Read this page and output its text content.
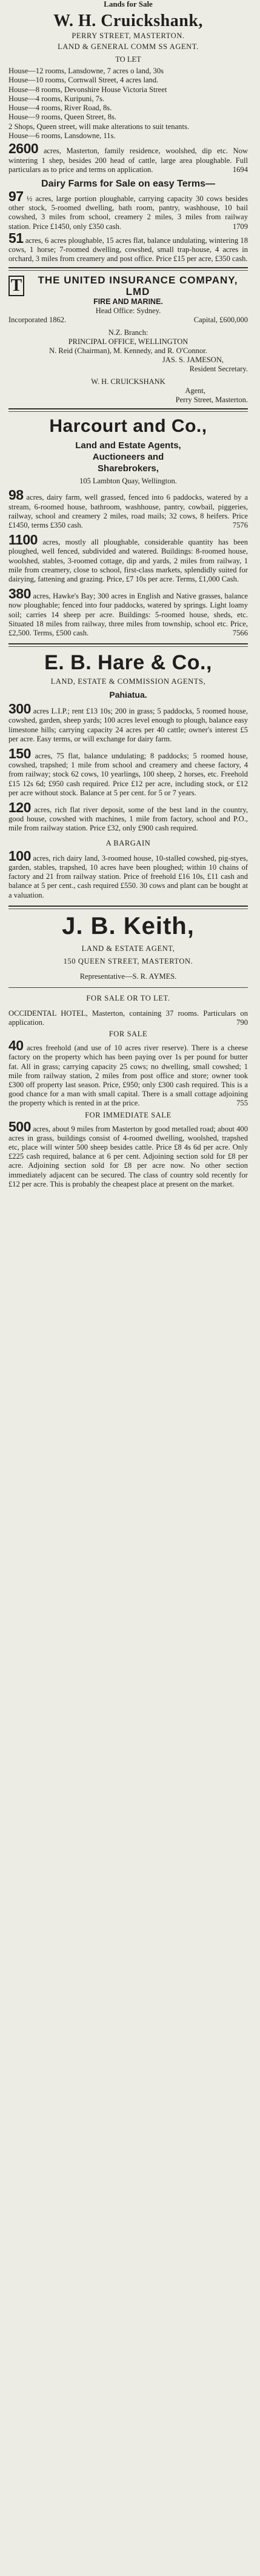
Lands for Sale
W. H. Cruickshank,
PERRY STREET, MASTERTON.
LAND & GENERAL COMM SS AGENT.
TO LET
House—12 rooms, Lansdowne, 7 acres o land, 30s
House—10 rooms, Cornwall Street, 4 acres land.
House—8 rooms, Devonshire House Victoria Street
House—4 rooms, Kuripuni, 7s.
House—4 rooms, River Road, 8s.
House—9 rooms, Queen Street, 8s.
2 Shops, Queen street, will make alterations to suit tenants.
House—6 rooms, Lansdowne, 11s.
2600 acres, Masterton, family residence, woolshed, dip etc. Now wintering 1 shep, besides 200 head of cattle, large area ploughable. Full particulars as to price and terms on application.	1694
Dairy Farms for Sale on easy Terms—
97 ½ acres, large portion ploughable, carrying capacity 30 cows besides other stock, 5-roomed dwelling, bath room, pantry, washhouse, 10 bail cowshed, 3 miles from school, creamery 2 miles, 3 miles from railway station. Price £1450, only £350 cash.	1709
51 acres, 6 acres ploughable, 15 acres flat, balance undulating, wintering 18 cows, 1 horse; 7-roomed dwelling, cowshed, small trap-house, 4 acres in orchard, 3 miles from creamery and post office. Price £15 per acre, £350 cash.
T	THE UNITED INSURANCE COMPANY, LMD
FIRE AND MARINE.
Head Office: Sydney.
Incorporated 1862.	Capital, £600,000
N.Z. Branch:
PRINCIPAL OFFICE, WELLINGTON
N. Reid (Chairman), M. Kennedy, and R. O'Connor.
JAS. S. JAMESON,
Resident Secretary.
W. H. CRUICKSHANK
Agent,
Perry Street, Masterton.
Harcourt and Co.,
Land and Estate Agents,
Auctioneers and
Sharebrokers,
105 Lambton Quay, Wellington.
98 acres, dairy farm, well grassed, fenced into 6 paddocks, watered by a stream, 6-roomed house, bathroom, washhouse, pantry, cowbail, piggeries, railway, school and creamery 2 miles, road mails; 32 cows, 8 heifers. Price £1450, terms £350 cash.	7576
1100 acres, mostly all ploughable, considerable quantity has been ploughed, well fenced, subdivided and watered. Buildings: 8-roomed house, woolshed, stables, 3-roomed cottage, dip and yards, 2 miles from railway, 1 mile from creamery, close to school, first-class markets, splendidly suited for dairying, fattening and grazing. Price, £7 10s per acre. Terms, £1,000 Cash.
380 acres, Hawke's Bay; 300 acres in English and Native grasses, balance now ploughable; fenced into four paddocks, watered by springs. Light loamy soil; carries 14 sheep per acre. Buildings: 5-roomed house, sheds, etc. Situated 18 miles from railway, three miles from township, school etc. Price, £2,500. Terms, £500 cash.	7566
E. B. Hare & Co.,
LAND, ESTATE & COMMISSION AGENTS,
Pahiatua.
300 acres L.I.P.; rent £13 10s; 200 in grass; 5 paddocks, 5 roomed house, cowshed, garden, sheep yards; 100 acres level enough to plough, balance easy limestone hills; carrying capacity 24 acres per 40 cattle; owner's interest £5 per acre. Easy terms, or will exchange for dairy farm.
150 acres, 75 flat, balance undulating; 8 paddocks; 5 roomed house, cowshed, trapshed; 1 mile from school and creamery and cheese factory, 4 from railway; stock 62 cows, 10 yearlings, 100 sheep, 2 horses, etc. Freehold £15 12s 6d; £950 cash required. Price £12 per acre, including stock, or £12 per acre without stock. Balance at 5 per cent. for 5 or 7 years.
120 acres, rich flat river deposit, some of the best land in the country, good house, cowshed with machines, 1 mile from factory, school and P.O., mile from railway station. Price £32, only £900 cash required.
A BARGAIN
100 acres, rich dairy land, 3-roomed house, 10-stalled cowshed, pig-styes, garden, stables, trapshed, 10 acres have been ploughed; within 10 chains of factory and 21 from railway station. Price of freehold £16 10s, £11 cash and balance at 5 per cent., cash required £550. 30 cows and plant can be bought at a valuation.
J. B. Keith,
LAND & ESTATE AGENT,
150 QUEEN STREET, MASTERTON.
Representative—S. R. AYMES.
FOR SALE OR TO LET.
OCCIDENTAL HOTEL, Masterton, containing 37 rooms. Particulars on application.	790
FOR SALE
40 acres freehold (and use of 10 acres river reserve). There is a cheese factory on the property which has been paying over 1s per pound for butter fat. All in grass; carrying capacity 25 cows; no dwelling, small cowshed; 1 mile from railway station, 2 miles from post office and store; owner took £300 off property last season. Price, £950; only £300 cash required. This is a good chance for a man with small capital. There is a small cottage adjoining the property which is rented in at the price.	755
FOR IMMEDIATE SALE
500 acres, about 9 miles from Masterton by good metalled road; about 400 acres in grass, buildings consist of 4-roomed dwelling, woolshed, trapshed etc, place will winter 500 sheep besides cattle. Price £8 4s 6d per acre. Only £225 cash required, balance at 6 per cent. Adjoining section sold for £8 per acre. Adjoining section sold for £8 per acre now. No other section immediately adjacent can be secured. The class of country sold recently for £12 per acre. This is probably the cheapest place at present on the market.
